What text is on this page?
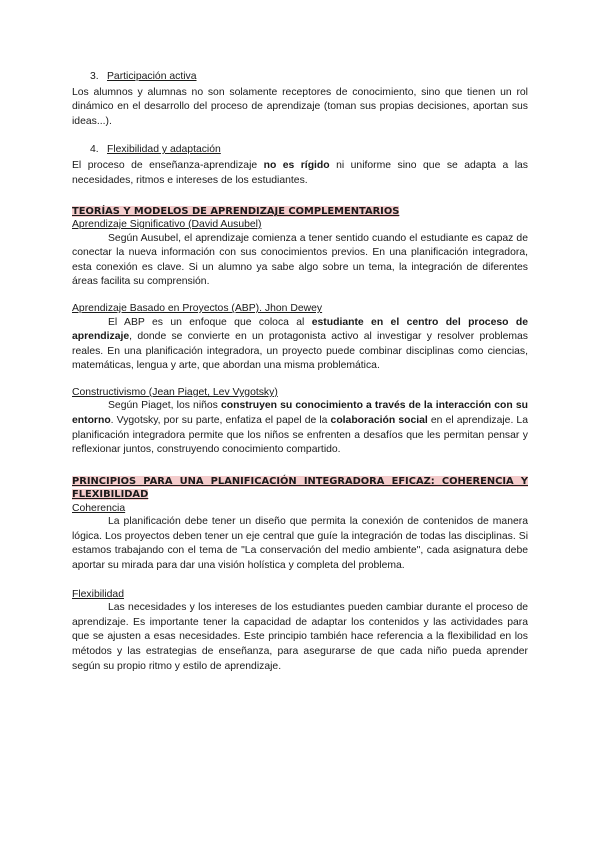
3. Participación activa

Los alumnos y alumnas no son solamente receptores de conocimiento, sino que tienen un rol dinámico en el desarrollo del proceso de aprendizaje (toman sus propias decisiones, aportan sus ideas...).

4. Flexibilidad y adaptación

El proceso de enseñanza-aprendizaje no es rígido ni uniforme sino que se adapta a las necesidades, ritmos e intereses de los estudiantes.

TEORÍAS Y MODELOS DE APRENDIZAJE COMPLEMENTARIOS

Aprendizaje Significativo (David Ausubel)

Según Ausubel, el aprendizaje comienza a tener sentido cuando el estudiante es capaz de conectar la nueva información con sus conocimientos previos. En una planificación integradora, esta conexión es clave. Si un alumno ya sabe algo sobre un tema, la integración de diferentes áreas facilita su comprensión.

Aprendizaje Basado en Proyectos (ABP). Jhon Dewey

El ABP es un enfoque que coloca al estudiante en el centro del proceso de aprendizaje, donde se convierte en un protagonista activo al investigar y resolver problemas reales. En una planificación integradora, un proyecto puede combinar disciplinas como ciencias, matemáticas, lengua y arte, que abordan una misma problemática.

Constructivismo (Jean Piaget, Lev Vygotsky)

Según Piaget, los niños construyen su conocimiento a través de la interacción con su entorno. Vygotsky, por su parte, enfatiza el papel de la colaboración social en el aprendizaje. La planificación integradora permite que los niños se enfrenten a desafíos que les permitan pensar y reflexionar juntos, construyendo conocimiento compartido.

PRINCIPIOS PARA UNA PLANIFICACIÓN INTEGRADORA EFICAZ: COHERENCIA Y FLEXIBILIDAD

Coherencia

La planificación debe tener un diseño que permita la conexión de contenidos de manera lógica. Los proyectos deben tener un eje central que guíe la integración de todas las disciplinas. Si estamos trabajando con el tema de "La conservación del medio ambiente", cada asignatura debe aportar su mirada para dar una visión holística y completa del problema.

Flexibilidad

Las necesidades y los intereses de los estudiantes pueden cambiar durante el proceso de aprendizaje. Es importante tener la capacidad de adaptar los contenidos y las actividades para que se ajusten a esas necesidades. Este principio también hace referencia a la flexibilidad en los métodos y las estrategias de enseñanza, para asegurarse de que cada niño pueda aprender según su propio ritmo y estilo de aprendizaje.
